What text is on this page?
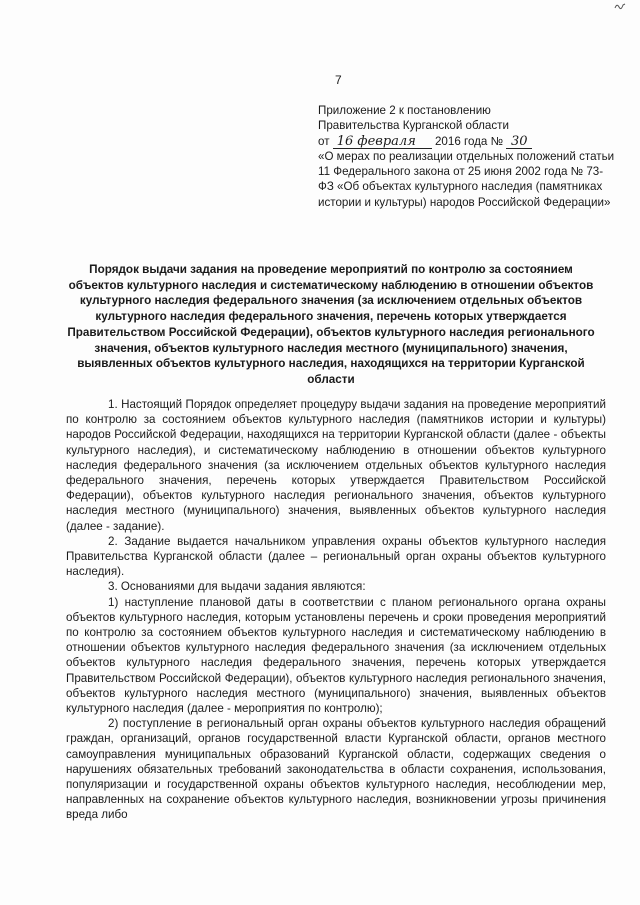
7
Приложение 2 к постановлению
Правительства Курганской области
от 16 февраля 2016 года № 30
«О мерах по реализации отдельных положений статьи 11 Федерального закона от 25 июня 2002 года № 73-ФЗ «Об объектах культурного наследия (памятниках истории и культуры) народов Российской Федерации»
Порядок выдачи задания на проведение мероприятий по контролю за состоянием объектов культурного наследия и систематическому наблюдению в отношении объектов культурного наследия федерального значения (за исключением отдельных объектов культурного наследия федерального значения, перечень которых утверждается Правительством Российской Федерации), объектов культурного наследия регионального значения, объектов культурного наследия местного (муниципального) значения, выявленных объектов культурного наследия, находящихся на территории Курганской области

1. Настоящий Порядок определяет процедуру выдачи задания на проведение мероприятий по контролю за состоянием объектов культурного наследия (памятников истории и культуры) народов Российской Федерации, находящихся на территории Курганской области (далее - объекты культурного наследия), и систематическому наблюдению в отношении объектов культурного наследия федерального значения (за исключением отдельных объектов культурного наследия федерального значения, перечень которых утверждается Правительством Российской Федерации), объектов культурного наследия регионального значения, объектов культурного наследия местного (муниципального) значения, выявленных объектов культурного наследия (далее - задание).

2. Задание выдается начальником управления охраны объектов культурного наследия Правительства Курганской области (далее – региональный орган охраны объектов культурного наследия).

3. Основаниями для выдачи задания являются:

1) наступление плановой даты в соответствии с планом регионального органа охраны объектов культурного наследия, которым установлены перечень и сроки проведения мероприятий по контролю за состоянием объектов культурного наследия и систематическому наблюдению в отношении объектов культурного наследия федерального значения (за исключением отдельных объектов культурного наследия федерального значения, перечень которых утверждается Правительством Российской Федерации), объектов культурного наследия регионального значения, объектов культурного наследия местного (муниципального) значения, выявленных объектов культурного наследия (далее - мероприятия по контролю);

2) поступление в региональный орган охраны объектов культурного наследия обращений граждан, организаций, органов государственной власти Курганской области, органов местного самоуправления муниципальных образований Курганской области, содержащих сведения о нарушениях обязательных требований законодательства в области сохранения, использования, популяризации и государственной охраны объектов культурного наследия, несоблюдении мер, направленных на сохранение объектов культурного наследия, возникновении угрозы причинения вреда либо
